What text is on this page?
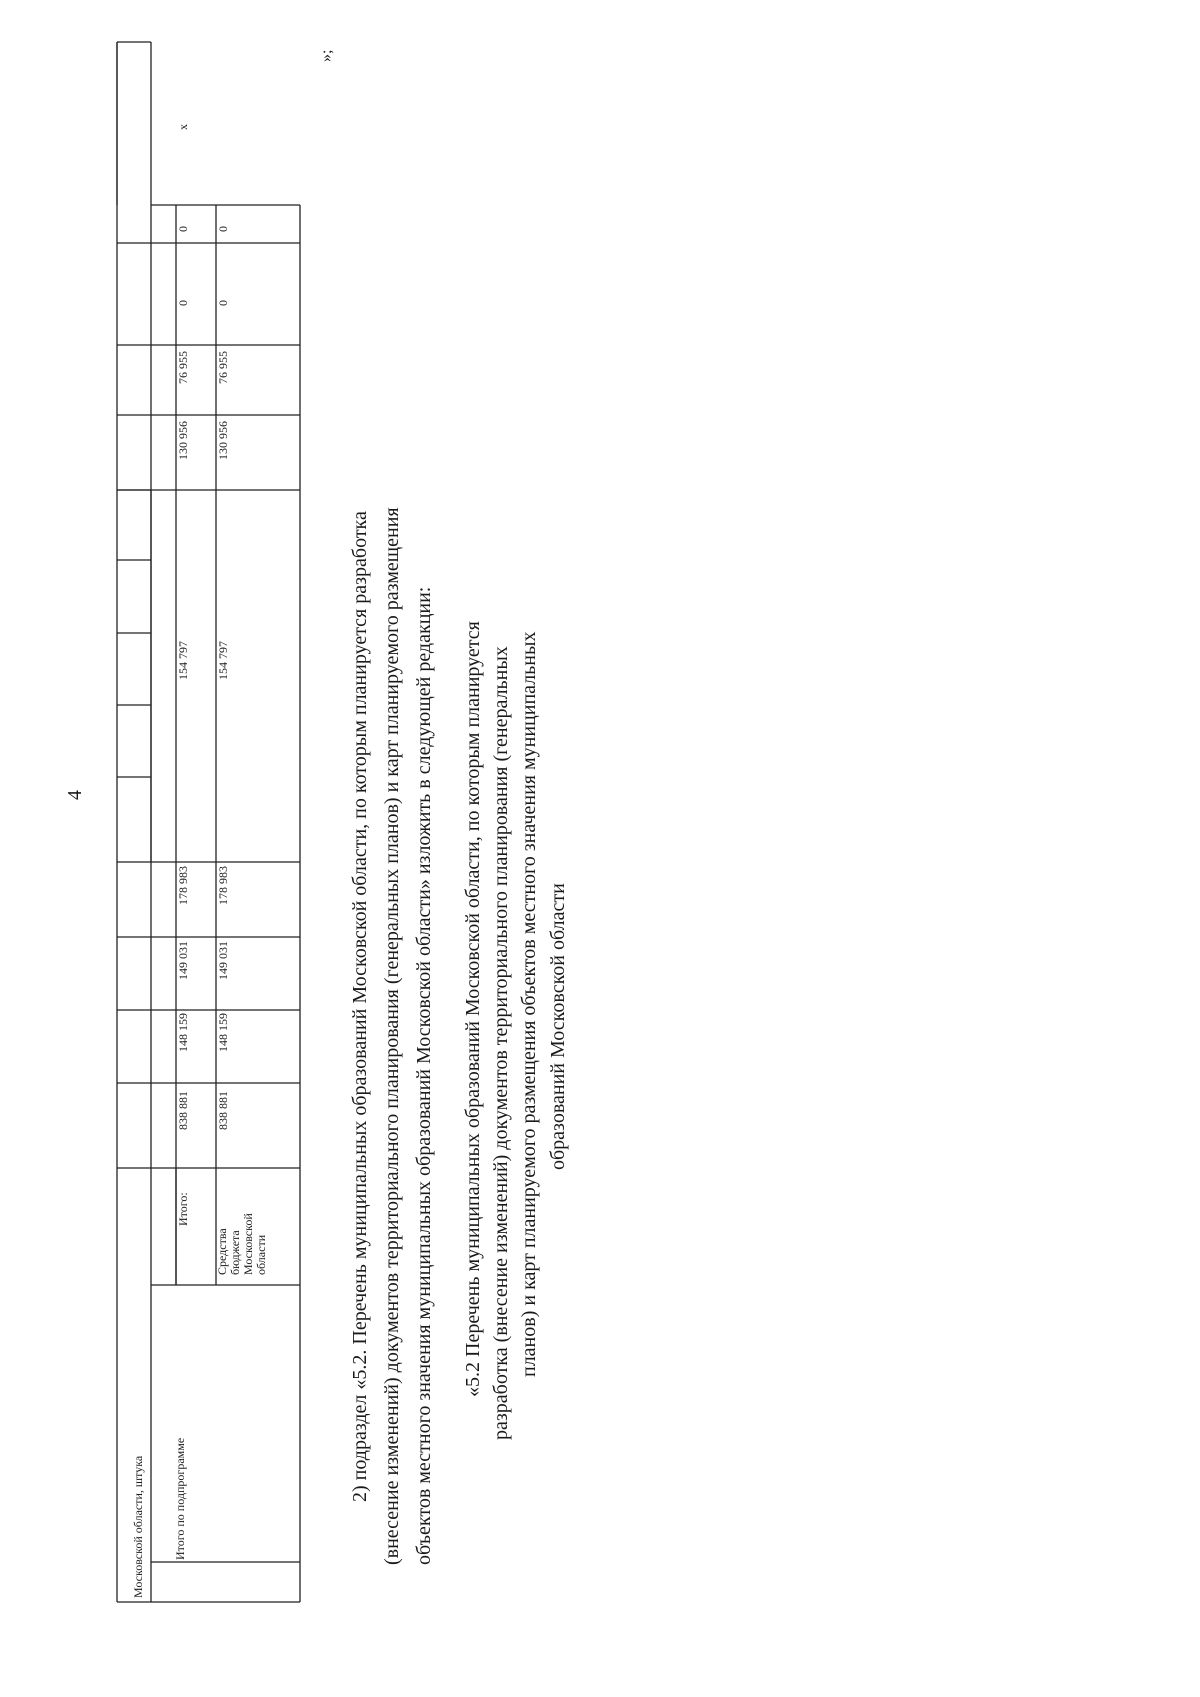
4
Московской области, штука Итого по подпрограмме
Итого:
838 881
148 159
149 031
178 983
154 797
130 956
76 955
0
0
x
Средства бюджета Московской области
838 881
148 159
149 031
178 983
154 797
130 956
76 955
0
0
»;
2) подраздел «5.2. Перечень муниципальных образований Московской области, по которым планируется разработка (внесение изменений) документов территориального планирования (генеральных планов) и карт планируемого размещения объектов местного значения муниципальных образований Московской области» изложить в следующей редакции: «5.2 Перечень муниципальных образований Московской области, по которым планируется разработка (внесение изменений) документов территориального планирования (генеральных планов) и карт планируемого размещения объектов местного значения муниципальных образований Московской области
